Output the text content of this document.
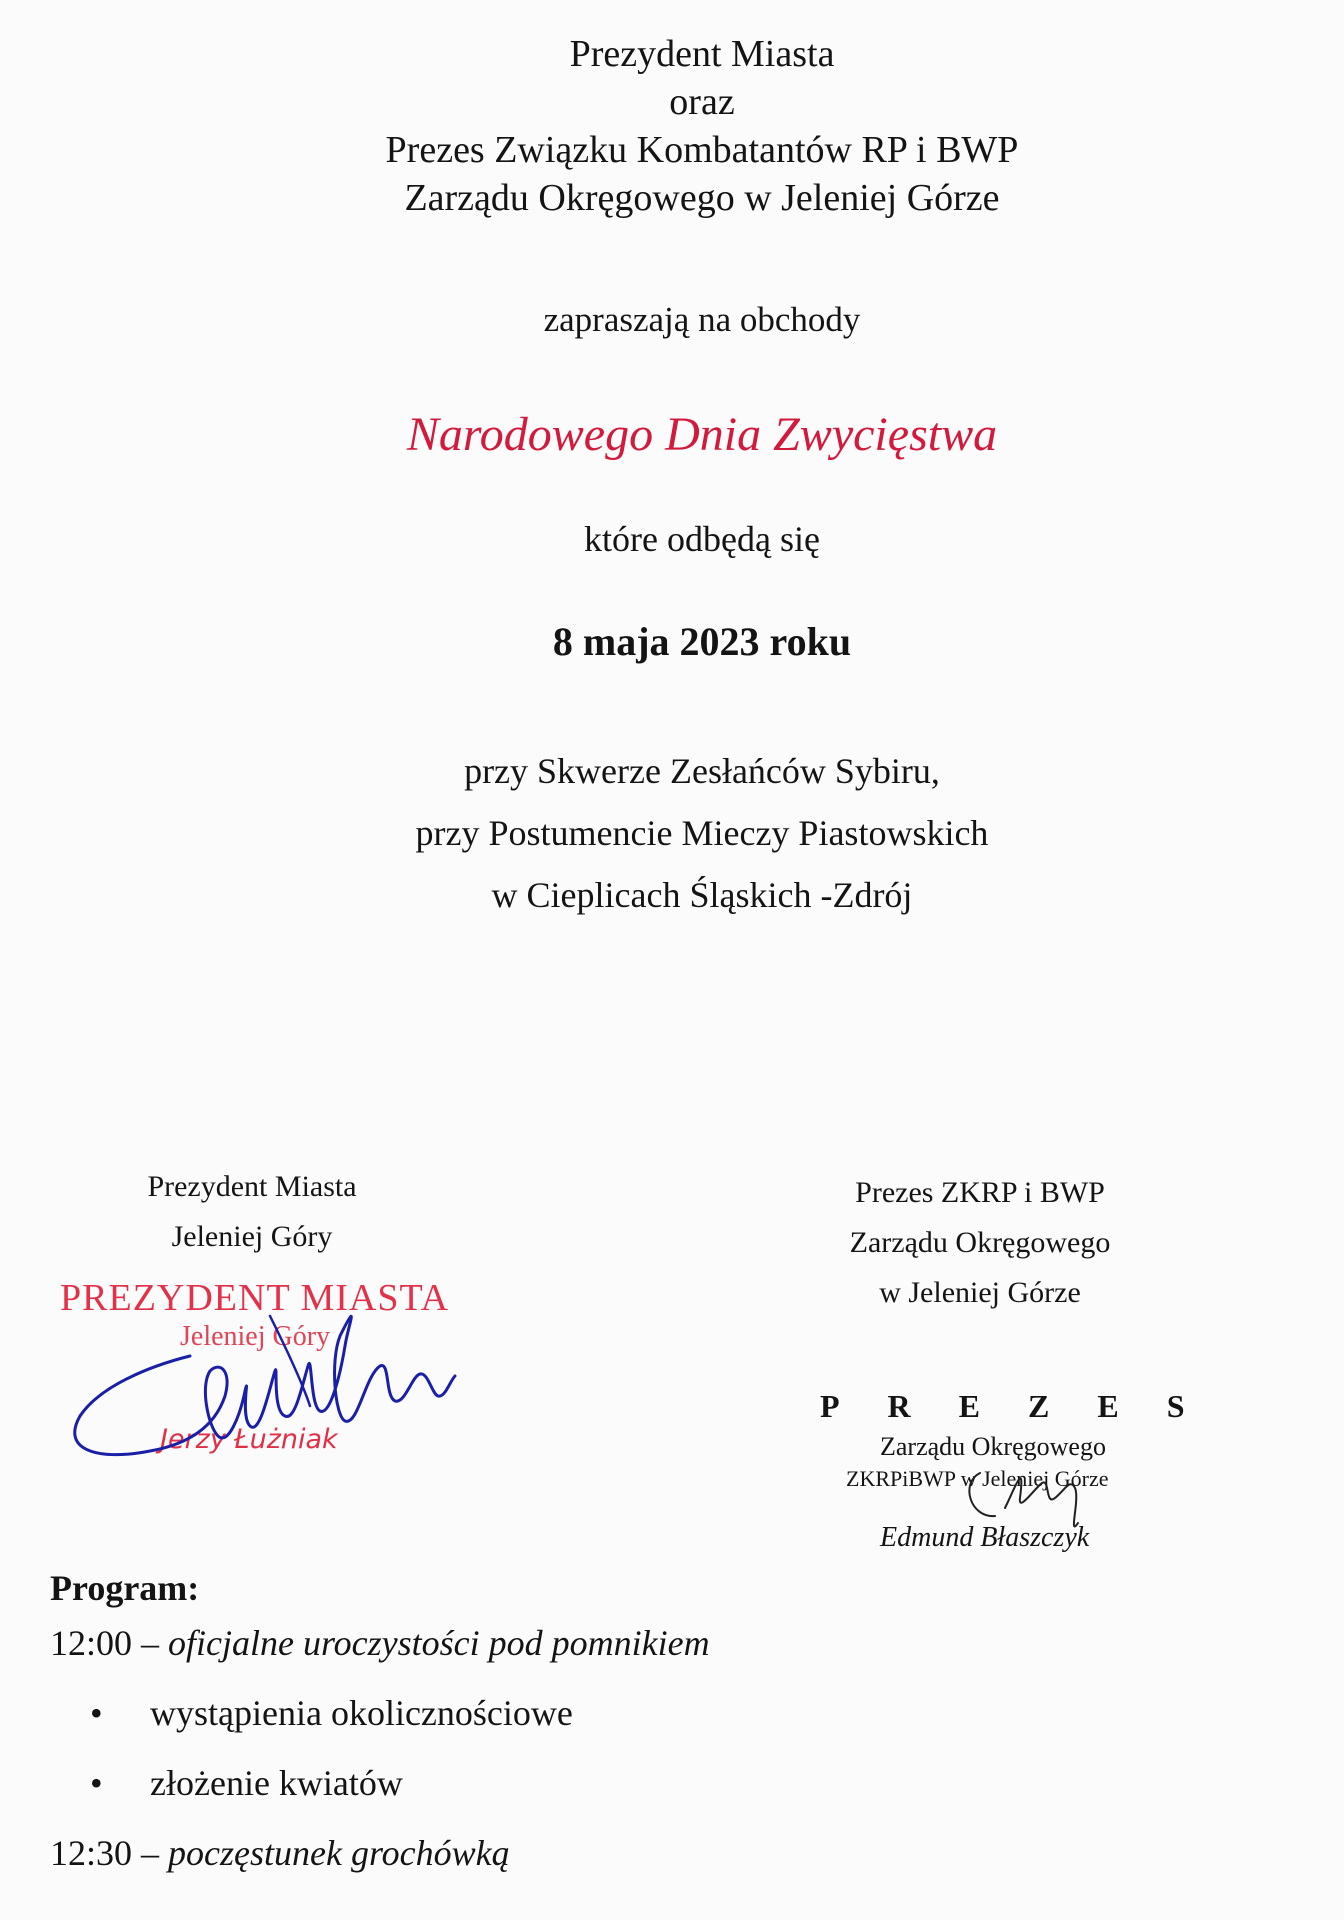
Prezydent Miasta
oraz
Prezes Związku Kombatantów RP i BWP
Zarządu Okręgowego w Jeleniej Górze
zapraszają na obchody
Narodowego Dnia Zwycięstwa
które odbędą się
8 maja 2023 roku
przy Skwerze Zesłańców Sybiru,
przy Postumencie Mieczy Piastowskich
w Cieplicach Śląskich -Zdrój
Prezydent Miasta
Jeleniej Góry
PREZYDENT MIASTA
Jeleniej Góry
Jerzy Łużniak
Prezes ZKRP i BWP
Zarządu Okręgowego
w Jeleniej Górze
PREZES
Zarządu Okręgowego
ZKRPiBWP w Jeleniej Górze
Edmund Błaszczyk
Program:
12:00 – oficjalne uroczystości pod pomnikiem
• wystąpienia okolicznościowe
• złożenie kwiatów
12:30 – poczęstunek grochówką
